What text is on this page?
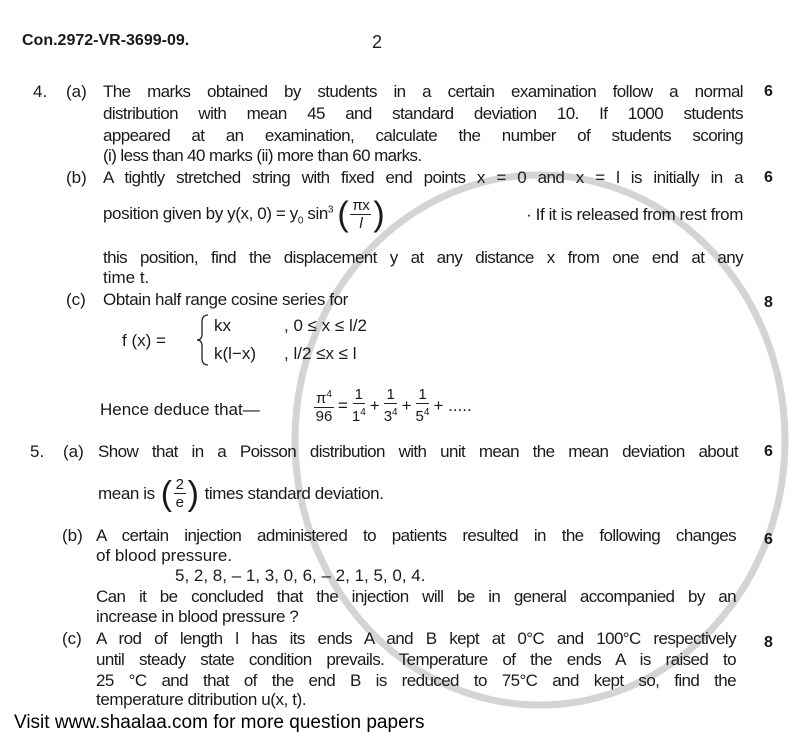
Con.2972-VR-3699-09.	2
4. (a)	6
The marks obtained by students in a certain examination follow a normal
distribution with mean 45 and standard deviation 10. If 1000 students
appeared at an examination, calculate the number of students scoring
(i) less than 40 marks (ii) more than 60 marks.
(b)	6
A tightly stretched string with fixed end points x = 0 and x = l is initially in a
position given by y(x, $0) = y_0$ $\sin^3$ ( $\frac{\pi x}{l}$ )	· If it is released from rest from
this position, find the displacement y at any distance x from one end at any
time t.
(c)	8
Obtain half range cosine series for
f (x) =
kx	, 0 ≤ x ≤ l/2
k(l−x) , l/2 ≤x ≤ l
Hence deduce that—	$\frac{\pi^4}{96} = \frac{1}{1^4} + \frac{1}{3^4} + \frac{1}{5^4}$ + .....
5. (a)	6
Show that in a Poisson distribution with unit mean the mean deviation about
mean is ( $\frac{2}{e}$ ) times standard deviation.
(b)	6
A certain injection administered to patients resulted in the following changes
of blood pressure.
5, 2, 8, – 1, 3, 0, 6, – 2, 1, 5, 0, 4.
Can it be concluded that the injection will be in general accompanied by an
increase in blood pressure ?
(c)	8
A rod of length l has its ends A and B kept at 0°C and 100°C respectively
until steady state condition prevails. Temperature of the ends A is raised to
25 °C and that of the end B is reduced to 75°C and kept so, find the
temperature ditribution u(x, t).
Visit www.shaalaa.com for more question papers
